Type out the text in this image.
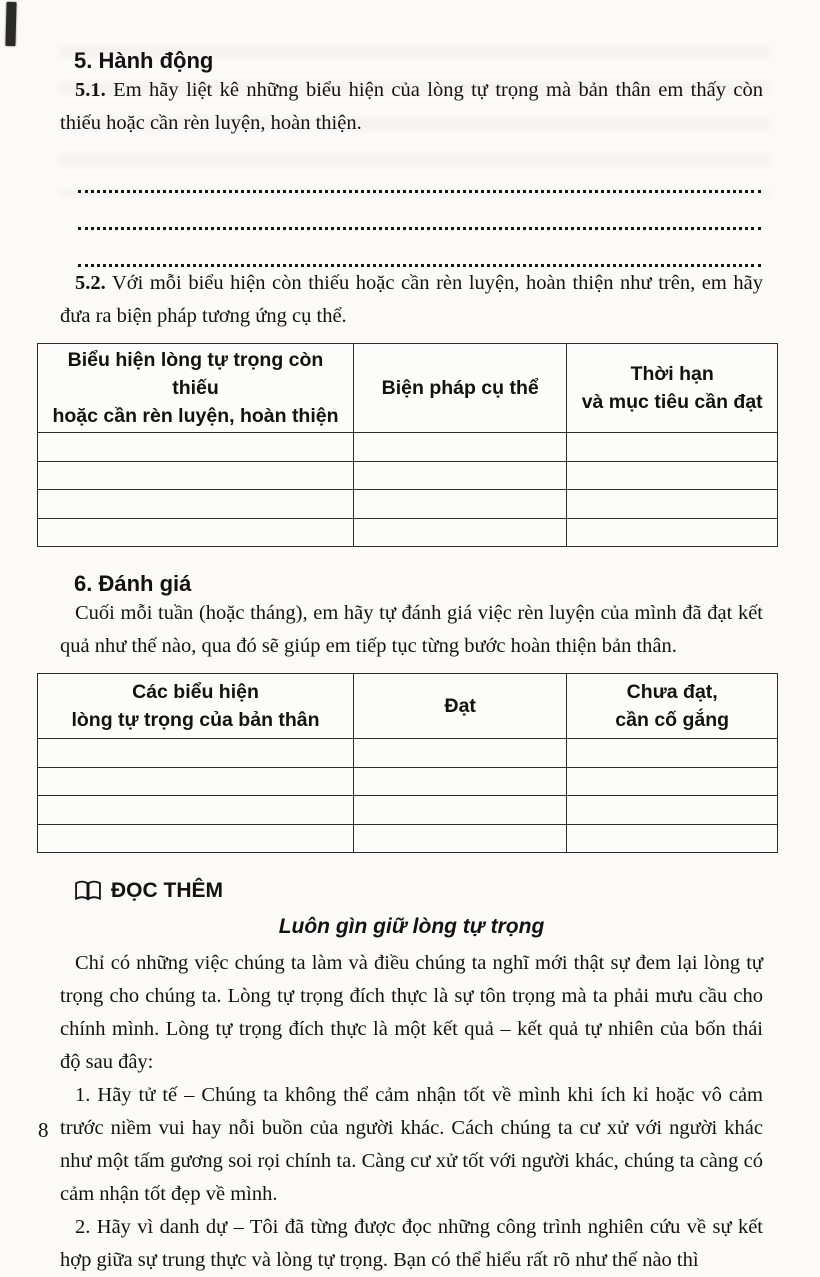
5. Hành động

5.1. Em hãy liệt kê những biểu hiện của lòng tự trọng mà bản thân em thấy còn thiếu hoặc cần rèn luyện, hoàn thiện.

5.2. Với mỗi biểu hiện còn thiếu hoặc cần rèn luyện, hoàn thiện như trên, em hãy đưa ra biện pháp tương ứng cụ thể.

Biểu hiện lòng tự trọng còn thiếu
hoặc cần rèn luyện, hoàn thiện	Biện pháp cụ thể	Thời hạn
và mục tiêu cần đạt

6. Đánh giá

Cuối mỗi tuần (hoặc tháng), em hãy tự đánh giá việc rèn luyện của mình đã đạt kết quả như thế nào, qua đó sẽ giúp em tiếp tục từng bước hoàn thiện bản thân.

Các biểu hiện
lòng tự trọng của bản thân	Đạt	Chưa đạt,
cần cố gắng

ĐỌC THÊM
Luôn gìn giữ lòng tự trọng

Chỉ có những việc chúng ta làm và điều chúng ta nghĩ mới thật sự đem lại lòng tự trọng cho chúng ta. Lòng tự trọng đích thực là sự tôn trọng mà ta phải mưu cầu cho chính mình. Lòng tự trọng đích thực là một kết quả – kết quả tự nhiên của bốn thái độ sau đây:

1. Hãy tử tế – Chúng ta không thể cảm nhận tốt về mình khi ích kỉ hoặc vô cảm trước niềm vui hay nỗi buồn của người khác. Cách chúng ta cư xử với người khác như một tấm gương soi rọi chính ta. Càng cư xử tốt với người khác, chúng ta càng có cảm nhận tốt đẹp về mình.

2. Hãy vì danh dự – Tôi đã từng được đọc những công trình nghiên cứu về sự kết hợp giữa sự trung thực và lòng tự trọng. Bạn có thể hiểu rất rõ như thế nào thì

8
